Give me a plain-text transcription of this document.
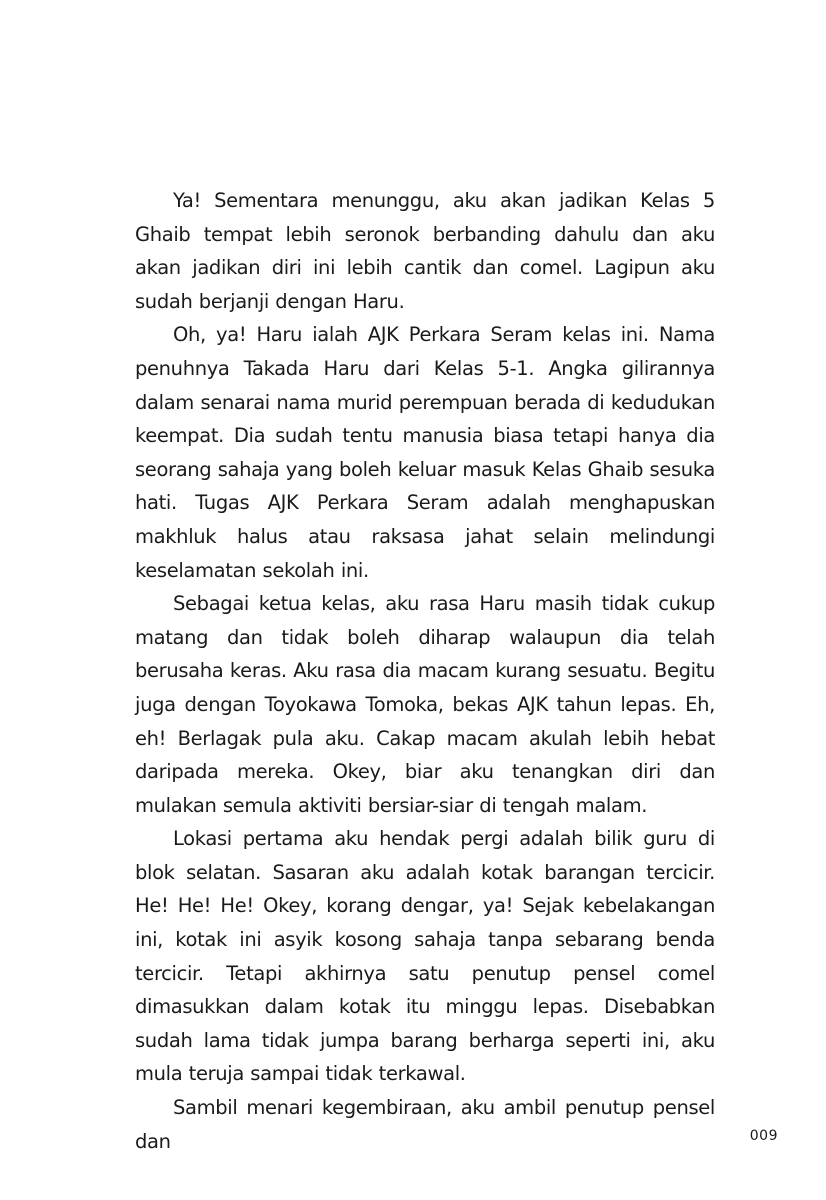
Ya! Sementara menunggu, aku akan jadikan Kelas 5 Ghaib tempat lebih seronok berbanding dahulu dan aku akan jadikan diri ini lebih cantik dan comel. Lagipun aku sudah berjanji dengan Haru.

Oh, ya! Haru ialah AJK Perkara Seram kelas ini. Nama penuhnya Takada Haru dari Kelas 5-1. Angka gilirannya dalam senarai nama murid perempuan berada di kedudukan keempat. Dia sudah tentu manusia biasa tetapi hanya dia seorang sahaja yang boleh keluar masuk Kelas Ghaib sesuka hati. Tugas AJK Perkara Seram adalah menghapuskan makhluk halus atau raksasa jahat selain melindungi keselamatan sekolah ini.

Sebagai ketua kelas, aku rasa Haru masih tidak cukup matang dan tidak boleh diharap walaupun dia telah berusaha keras. Aku rasa dia macam kurang sesuatu. Begitu juga dengan Toyokawa Tomoka, bekas AJK tahun lepas. Eh, eh! Berlagak pula aku. Cakap macam akulah lebih hebat daripada mereka. Okey, biar aku tenangkan diri dan mulakan semula aktiviti bersiar-siar di tengah malam.

Lokasi pertama aku hendak pergi adalah bilik guru di blok selatan. Sasaran aku adalah kotak barangan tercicir. He! He! He! Okey, korang dengar, ya! Sejak kebelakangan ini, kotak ini asyik kosong sahaja tanpa sebarang benda tercicir. Tetapi akhirnya satu penutup pensel comel dimasukkan dalam kotak itu minggu lepas. Disebabkan sudah lama tidak jumpa barang berharga seperti ini, aku mula teruja sampai tidak terkawal.

Sambil menari kegembiraan, aku ambil penutup pensel dan	009
